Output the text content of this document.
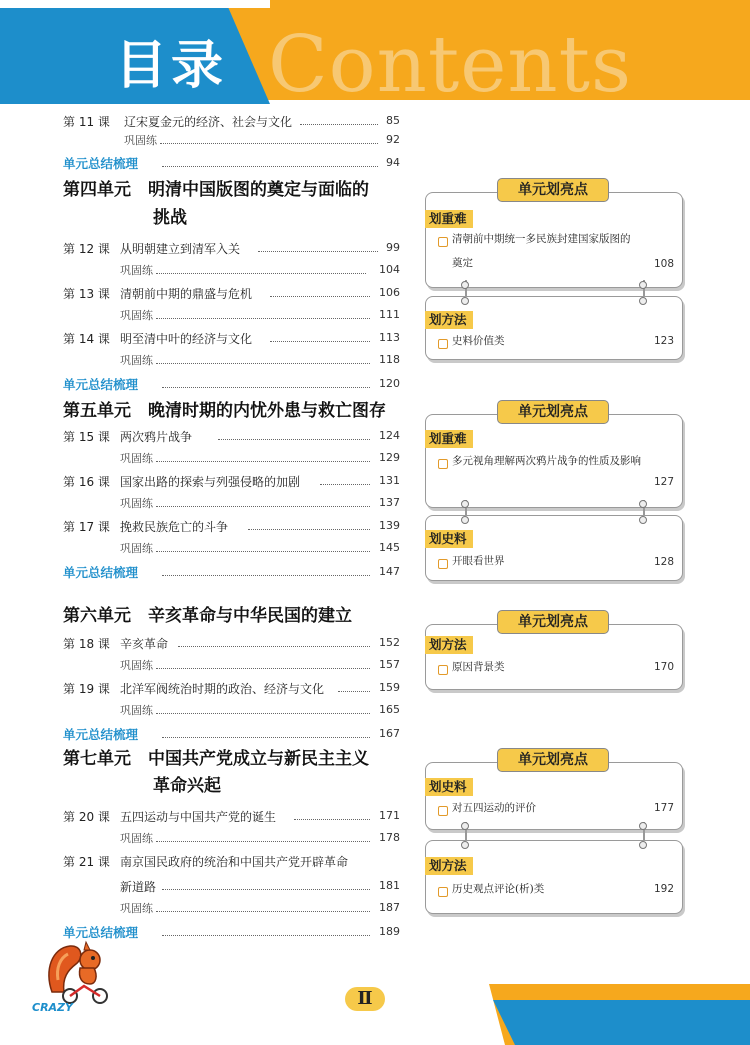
Contents
目录
第 11 课 辽宋夏金元的经济、社会与文化	85
巩固练	92
单元总结梳理	94
第四单元　明清中国版图的奠定与面临的
挑战
第 12 课 从明朝建立到清军入关	99
巩固练	104
第 13 课 清朝前中期的鼎盛与危机	106
巩固练	111
第 14 课 明至清中叶的经济与文化	113
巩固练	118
单元总结梳理	120
第五单元　晚清时期的内忧外患与救亡图存
第 15 课 两次鸦片战争	124
巩固练	129
第 16 课 国家出路的探索与列强侵略的加剧	131
巩固练	137
第 17 课 挽救民族危亡的斗争	139
巩固练	145
单元总结梳理	147
第六单元　辛亥革命与中华民国的建立
第 18 课 辛亥革命	152
巩固练	157
第 19 课 北洋军阀统治时期的政治、经济与文化	159
巩固练	165
单元总结梳理	167
第七单元　中国共产党成立与新民主主义
革命兴起
第 20 课 五四运动与中国共产党的诞生	171
巩固练	178
第 21 课 南京国民政府的统治和中国共产党开辟革命
新道路	181
巩固练	187
单元总结梳理	189
单元划亮点
划重难
清朝前中期统一多民族封建国家版图的
奠定	108
划方法
史料价值类	123
单元划亮点
划重难
多元视角理解两次鸦片战争的性质及影响
127
划史料
开眼看世界	128
单元划亮点
划方法
原因背景类	170
单元划亮点
划史料
对五四运动的评价	177
划方法
历史观点评论(析)类	192
Ⅱ
CRAZY
